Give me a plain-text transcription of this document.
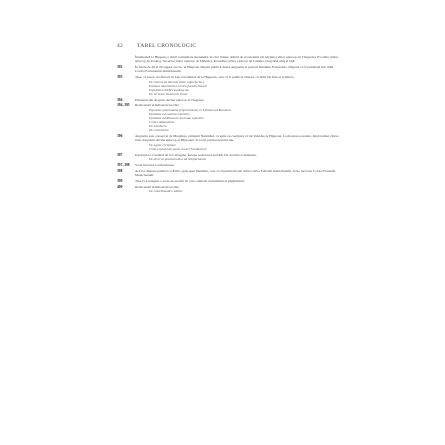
42	TABEL CRONOLOGIC

Întemeiază la Hippona o mică comunitate monahală, în care trăiesc alături de el prietenii săi Alypius (viitor episcop de Thagaste), Evodius (viitor episcop de Uzalis), Severus (viitor episcop de Milevis), Possidius (viitor episcop de Calama, biograful său) și alții.

392	În zilele de 28 și 29 august are loc la Hippona disputa publică dintre Augustin și preotul maniheu Fortunatus. Disputa va fi publicată sub titlul Contra Fortunatum manichaeum.

393	Ține, ca preot, un discurs în fața conciliului de la Hippona, care va fi publicat ulterior cu titlul De fide et symbolo.

De Genesi ad litteram (liber imperfectus)
Psalmus abecedarius contra partem Donati
Expositio LXXXIV psalmorum
De sermone Domini in monte
394	Prietenul său Alypius devine episcop la Thagaste.

394–395	Redactează următoarele lucrări:

Expositio quarumdam propositionum ex Epistula ad Romanos
Epistulae ad Galatas expositio
Epistulae ad Romanos inchoata expositio
Contra Adimantum
De mendacio
De continentia
396	Augustin este consacrat de Megalius, primatul Numidiei, ca episcop coadjutor al lui Valerius la Hippona. La moartea acestuia, după numai câteva luni, Augustin devine episcop al Hipponei, în locul predecesorului său.

De agone christiano
Contra epistulam quam vocant Fundamenti
397	Participă la conciliul de la Cartagina. Începe redactarea lucrării De doctrina Christiana.

De diversis quaestionibus ad Simplicianum
397–398	Scrie lucrarea Confessiones.

398	Are loc disputa publică cu Felix, episcopul maniheu, care va fi publicată sub titlul Contra Felicem manichaeum. Scrie lucrarea Contra Faustum Manichaeum.

399	Ține la Cartagina o serie de predici în care combate donatismul și păgânismul.

400	Redactează următoarele lucrări:

De catechizandis rudibus
